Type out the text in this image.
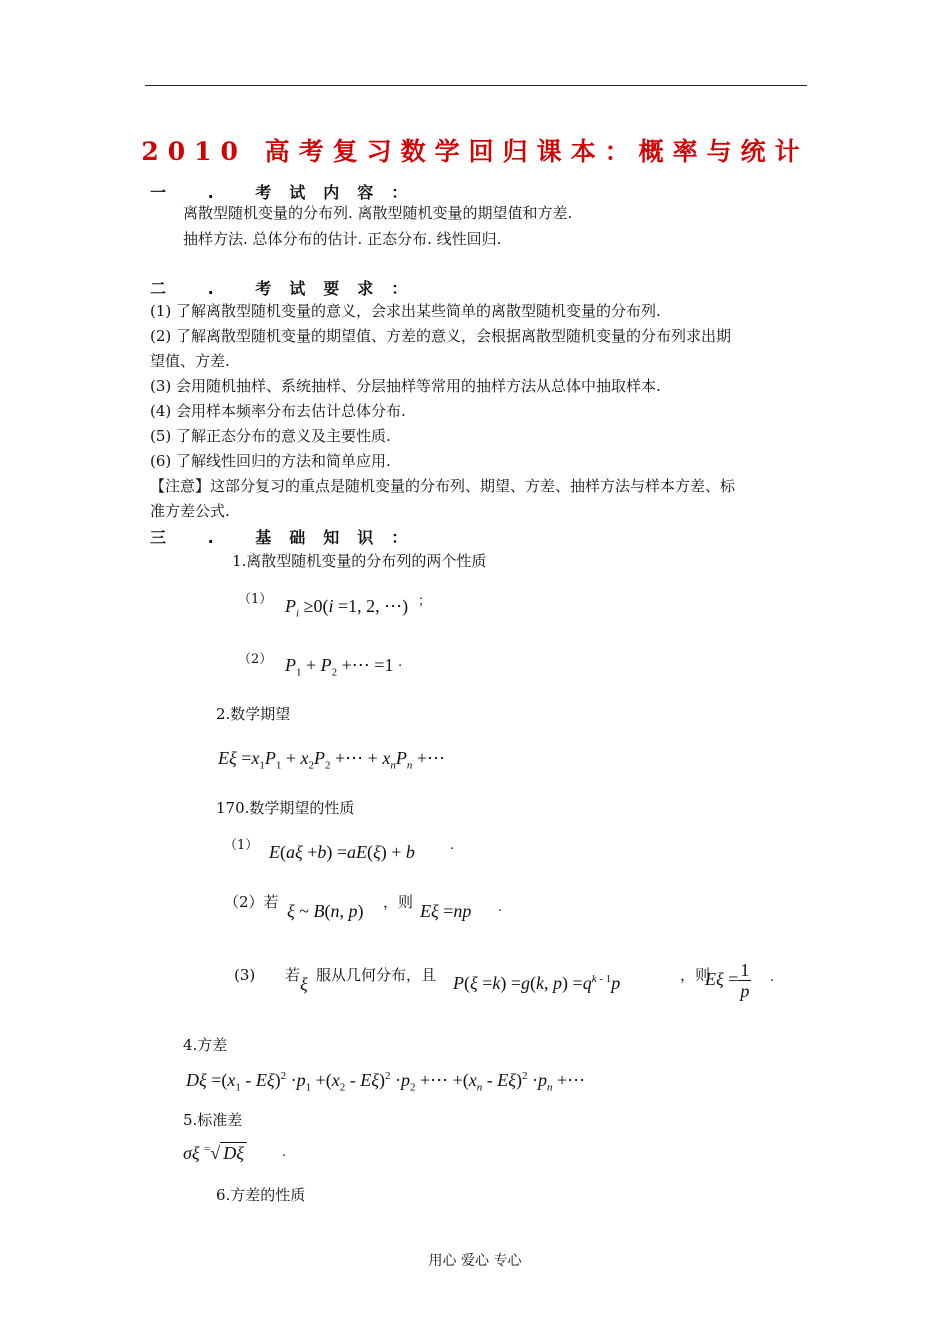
2010 高考复习数学回归课本：概率与统计
一 . 考试内容：
离散型随机变量的分布列. 离散型随机变量的期望值和方差.
抽样方法. 总体分布的估计. 正态分布. 线性回归.
二 . 考试要求：
(1) 了解离散型随机变量的意义，会求出某些简单的离散型随机变量的分布列.
(2) 了解离散型随机变量的期望值、方差的意义，会根据离散型随机变量的分布列求出期
望值、方差.
(3) 会用随机抽样、系统抽样、分层抽样等常用的抽样方法从总体中抽取样本.
(4) 会用样本频率分布去估计总体分布.
(5) 了解正态分布的意义及主要性质.
(6) 了解线性回归的方法和简单应用.
【注意】这部分复习的重点是随机变量的分布列、期望、方差、抽样方法与样本方差、标
准方差公式.
三 . 基础知识：
1.离散型随机变量的分布列的两个性质
（1） $P_i \ge 0(i =1$, 2, ⋯) ；
（2） $P_1 + P_2$ +⋯ =1 .
2.数学期望
$E\xi =x_1P_1 + x_2P_2$ +⋯ + $x_nP_n$ +⋯
170.数学期望的性质
（1） E(aξ +b) =aE(ξ) + b	.
（2）若 ξ ~ B(n, p) ，则 Eξ =np .
(3) 若 ξ 服从几何分布，且 P(ξ =k) =g(k, $p) =q^{k - 1}p$	，则
$E\xi = \frac{1}{p}$ .
4.方差
$D\xi =(x_1 - E\xi)^2 \cdot p_1 +(x_2 - E\xi)^2 \cdot p_2$ +⋯ $+(x_n - E\xi)^2 \cdot p_n$ +⋯
5.标准差
σξ =√ Dξ	.
6.方差的性质
用心 爱心 专心
